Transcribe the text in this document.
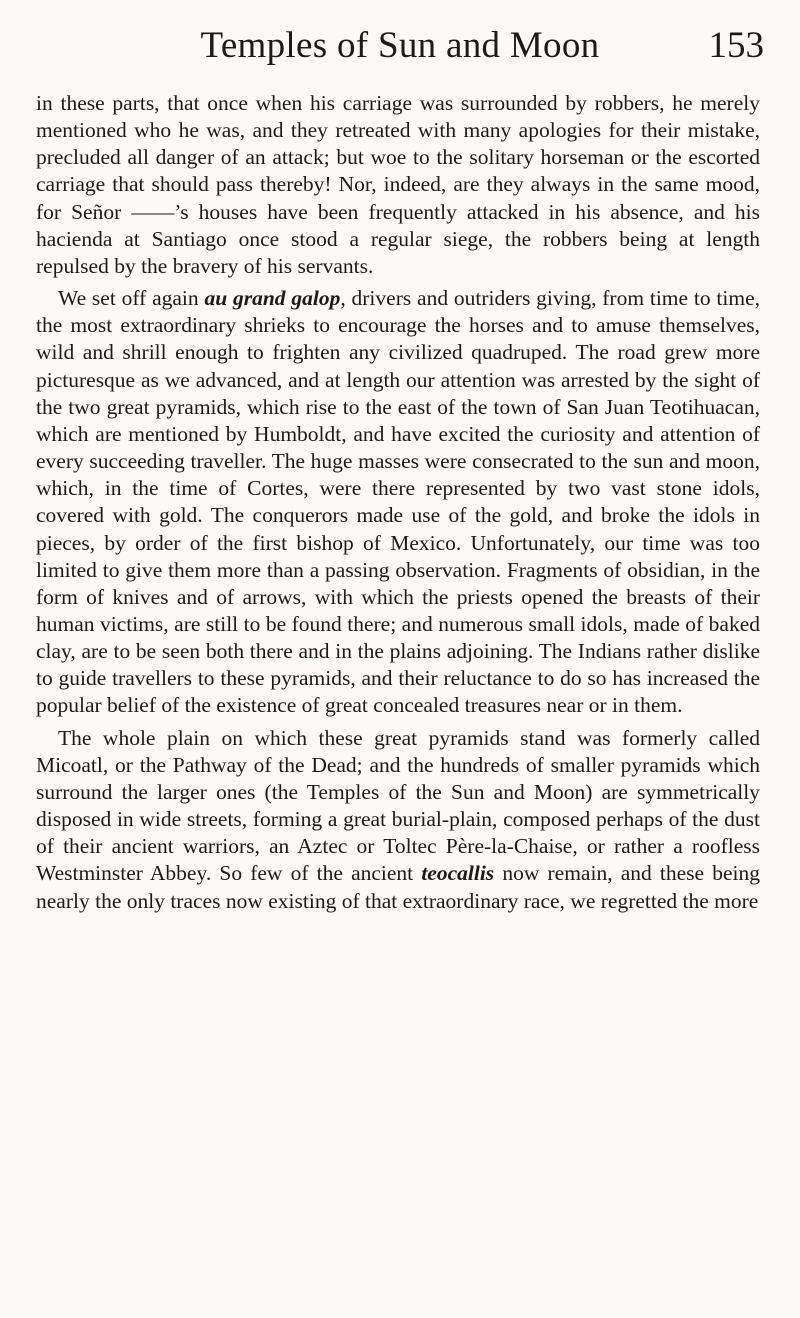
Temples of Sun and Moon	153

in these parts, that once when his carriage was surrounded by robbers, he merely mentioned who he was, and they retreated with many apologies for their mistake, precluded all danger of an attack; but woe to the solitary horseman or the escorted carriage that should pass thereby! Nor, indeed, are they always in the same mood, for Señor ——’s houses have been frequently attacked in his absence, and his hacienda at Santiago once stood a regular siege, the robbers being at length repulsed by the bravery of his servants.

We set off again au grand galop, drivers and outriders giving, from time to time, the most extraordinary shrieks to encourage the horses and to amuse themselves, wild and shrill enough to frighten any civilized quadruped. The road grew more picturesque as we advanced, and at length our attention was arrested by the sight of the two great pyramids, which rise to the east of the town of San Juan Teotihuacan, which are mentioned by Humboldt, and have excited the curiosity and attention of every succeeding traveller. The huge masses were consecrated to the sun and moon, which, in the time of Cortes, were there represented by two vast stone idols, covered with gold. The conquerors made use of the gold, and broke the idols in pieces, by order of the first bishop of Mexico. Unfortunately, our time was too limited to give them more than a passing observation. Fragments of obsidian, in the form of knives and of arrows, with which the priests opened the breasts of their human victims, are still to be found there; and numerous small idols, made of baked clay, are to be seen both there and in the plains adjoining. The Indians rather dislike to guide travellers to these pyramids, and their reluctance to do so has increased the popular belief of the existence of great concealed treasures near or in them.

The whole plain on which these great pyramids stand was formerly called Micoatl, or the Pathway of the Dead; and the hundreds of smaller pyramids which surround the larger ones (the Temples of the Sun and Moon) are symmetrically disposed in wide streets, forming a great burial-plain, composed perhaps of the dust of their ancient warriors, an Aztec or Toltec Père-la-Chaise, or rather a roofless Westminster Abbey. So few of the ancient teocallis now remain, and these being nearly the only traces now existing of that extraordinary race, we regretted the more
